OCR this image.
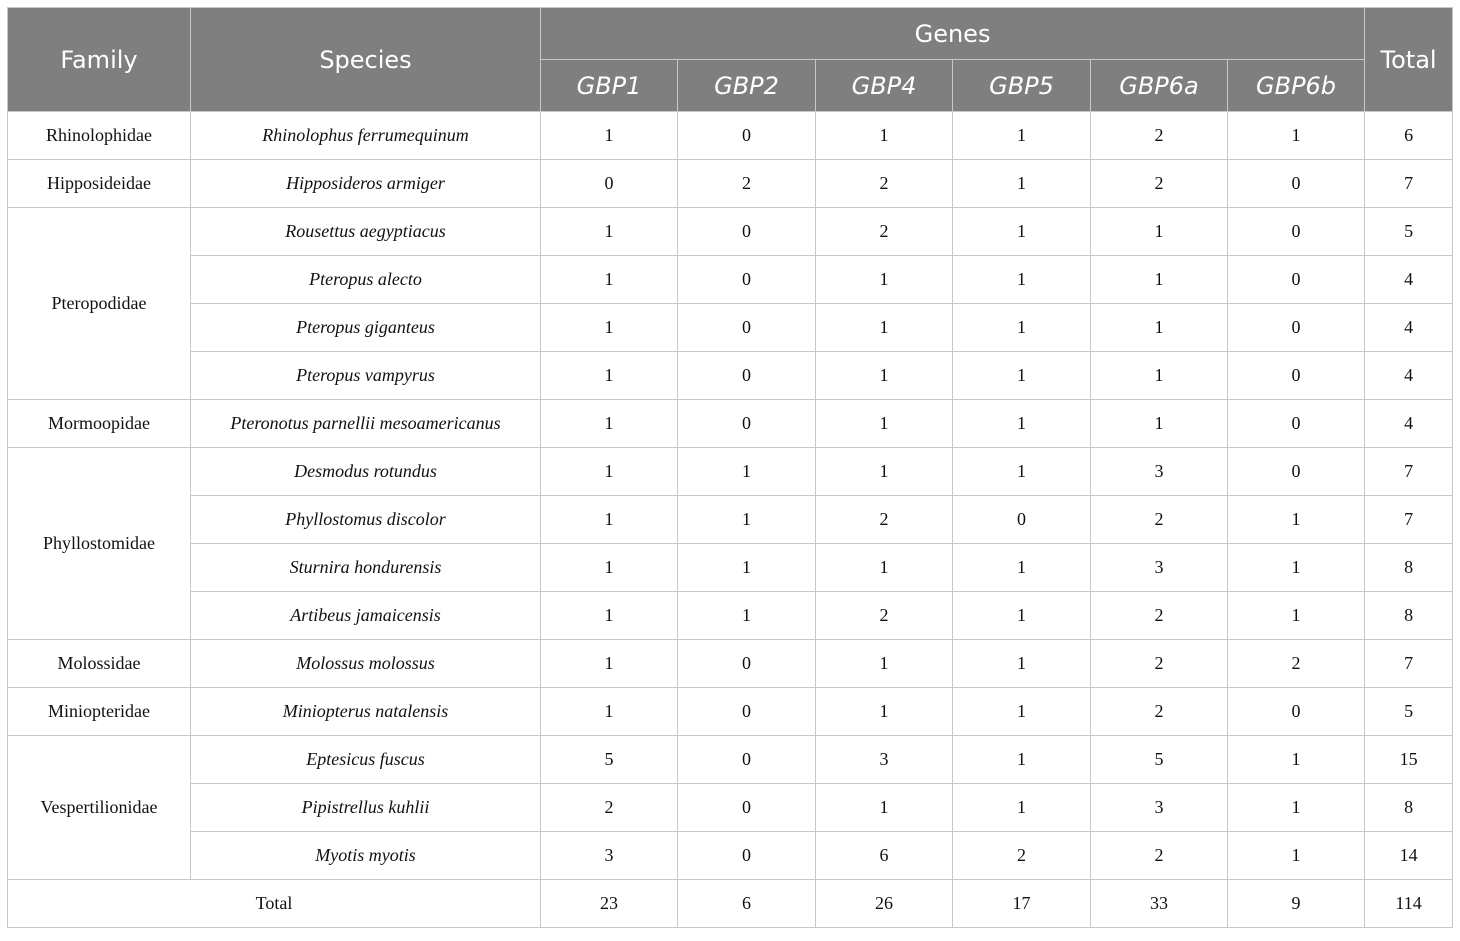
Family	Species	Genes						Total
		GBP1	GBP2	GBP4	GBP5	GBP6a	GBP6b	
Rhinolophidae	Rhinolophus ferrumequinum	1	0	1	1	2	1	6
Hipposideidae	Hipposideros armiger	0	2	2	1	2	0	7
Pteropodidae	Rousettus aegyptiacus	1	0	2	1	1	0	5
	Pteropus alecto	1	0	1	1	1	0	4
	Pteropus giganteus	1	0	1	1	1	0	4
	Pteropus vampyrus	1	0	1	1	1	0	4
Mormoopidae	Pteronotus parnellii mesoamericanus	1	0	1	1	1	0	4
Phyllostomidae	Desmodus rotundus	1	1	1	1	3	0	7
	Phyllostomus discolor	1	1	2	0	2	1	7
	Sturnira hondurensis	1	1	1	1	3	1	8
	Artibeus jamaicensis	1	1	2	1	2	1	8
Molossidae	Molossus molossus	1	0	1	1	2	2	7
Miniopteridae	Miniopterus natalensis	1	0	1	1	2	0	5
Vespertilionidae	Eptesicus fuscus	5	0	3	1	5	1	15
	Pipistrellus kuhlii	2	0	1	1	3	1	8
	Myotis myotis	3	0	6	2	2	1	14
Total		23	6	26	17	33	9	114
